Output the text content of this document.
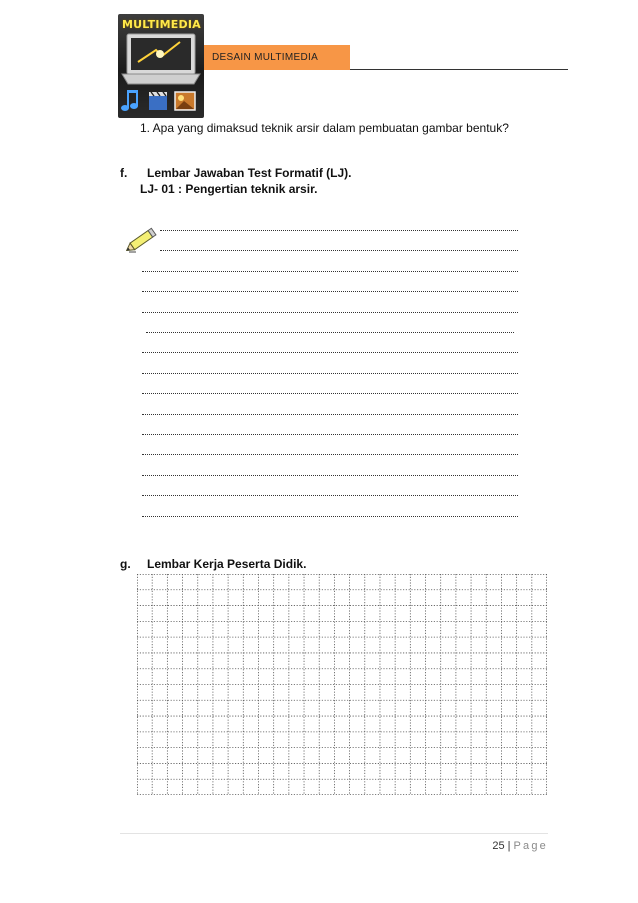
MULTIMEDIA
DESAIN MULTIMEDIA
1. Apa yang dimaksud teknik arsir dalam pembuatan gambar bentuk?
f. Lembar Jawaban Test Formatif (LJ).
LJ- 01 : Pengertian teknik arsir.
g. Lembar Kerja Peserta Didik.
25 | Page
